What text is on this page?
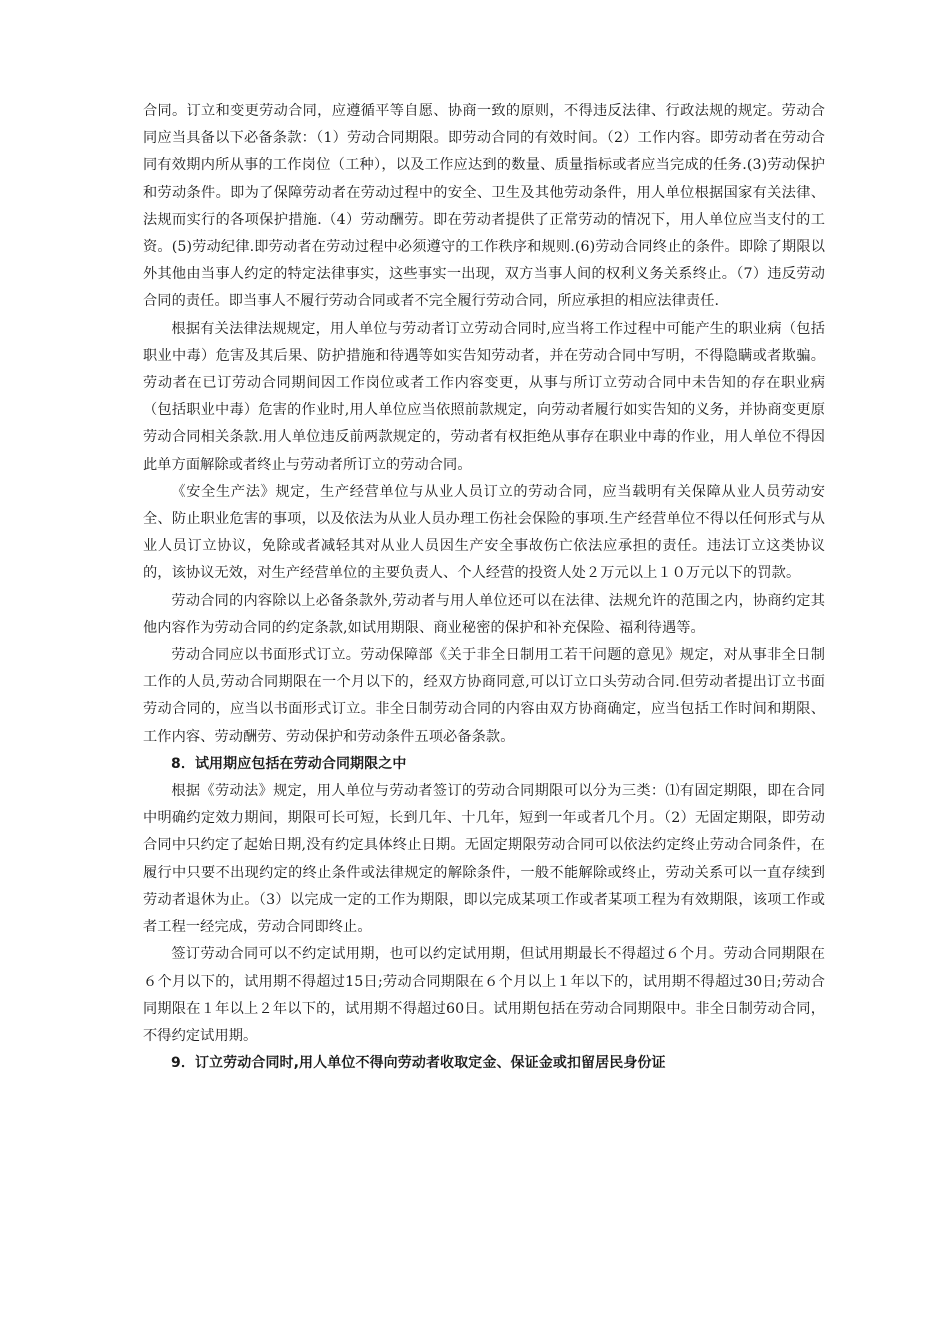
合同。订立和变更劳动合同，应遵循平等自愿、协商一致的原则，不得违反法律、行政法规的规定。劳动合同应当具备以下必备条款：（1）劳动合同期限。即劳动合同的有效时间。（2）工作内容。即劳动者在劳动合同有效期内所从事的工作岗位（工种），以及工作应达到的数量、质量指标或者应当完成的任务.(3)劳动保护和劳动条件。即为了保障劳动者在劳动过程中的安全、卫生及其他劳动条件，用人单位根据国家有关法律、法规而实行的各项保护措施.（4）劳动酬劳。即在劳动者提供了正常劳动的情况下，用人单位应当支付的工资。(5)劳动纪律.即劳动者在劳动过程中必须遵守的工作秩序和规则.(6)劳动合同终止的条件。即除了期限以外其他由当事人约定的特定法律事实，这些事实一出现，双方当事人间的权利义务关系终止。（7）违反劳动合同的责任。即当事人不履行劳动合同或者不完全履行劳动合同，所应承担的相应法律责任.

根据有关法律法规规定，用人单位与劳动者订立劳动合同时,应当将工作过程中可能产生的职业病（包括职业中毒）危害及其后果、防护措施和待遇等如实告知劳动者，并在劳动合同中写明，不得隐瞒或者欺骗。劳动者在已订劳动合同期间因工作岗位或者工作内容变更，从事与所订立劳动合同中未告知的存在职业病（包括职业中毒）危害的作业时,用人单位应当依照前款规定，向劳动者履行如实告知的义务，并协商变更原劳动合同相关条款.用人单位违反前两款规定的，劳动者有权拒绝从事存在职业中毒的作业，用人单位不得因此单方面解除或者终止与劳动者所订立的劳动合同。

《安全生产法》规定，生产经营单位与从业人员订立的劳动合同，应当载明有关保障从业人员劳动安全、防止职业危害的事项，以及依法为从业人员办理工伤社会保险的事项.生产经营单位不得以任何形式与从业人员订立协议，免除或者减轻其对从业人员因生产安全事故伤亡依法应承担的责任。违法订立这类协议的，该协议无效，对生产经营单位的主要负责人、个人经营的投资人处２万元以上１０万元以下的罚款。

劳动合同的内容除以上必备条款外,劳动者与用人单位还可以在法律、法规允许的范围之内，协商约定其他内容作为劳动合同的约定条款,如试用期限、商业秘密的保护和补充保险、福利待遇等。

劳动合同应以书面形式订立。劳动保障部《关于非全日制用工若干问题的意见》规定，对从事非全日制工作的人员,劳动合同期限在一个月以下的，经双方协商同意,可以订立口头劳动合同.但劳动者提出订立书面劳动合同的，应当以书面形式订立。非全日制劳动合同的内容由双方协商确定，应当包括工作时间和期限、工作内容、劳动酬劳、劳动保护和劳动条件五项必备条款。

8．试用期应包括在劳动合同期限之中

根据《劳动法》规定，用人单位与劳动者签订的劳动合同期限可以分为三类：⑴有固定期限，即在合同中明确约定效力期间，期限可长可短，长到几年、十几年，短到一年或者几个月。（2）无固定期限，即劳动合同中只约定了起始日期,没有约定具体终止日期。无固定期限劳动合同可以依法约定终止劳动合同条件，在履行中只要不出现约定的终止条件或法律规定的解除条件，一般不能解除或终止，劳动关系可以一直存续到劳动者退休为止。（3）以完成一定的工作为期限，即以完成某项工作或者某项工程为有效期限，该项工作或者工程一经完成，劳动合同即终止。

签订劳动合同可以不约定试用期，也可以约定试用期，但试用期最长不得超过６个月。劳动合同期限在６个月以下的，试用期不得超过15日;劳动合同期限在６个月以上１年以下的，试用期不得超过30日;劳动合同期限在１年以上２年以下的，试用期不得超过60日。试用期包括在劳动合同期限中。非全日制劳动合同，不得约定试用期。

9．订立劳动合同时,用人单位不得向劳动者收取定金、保证金或扣留居民身份证
